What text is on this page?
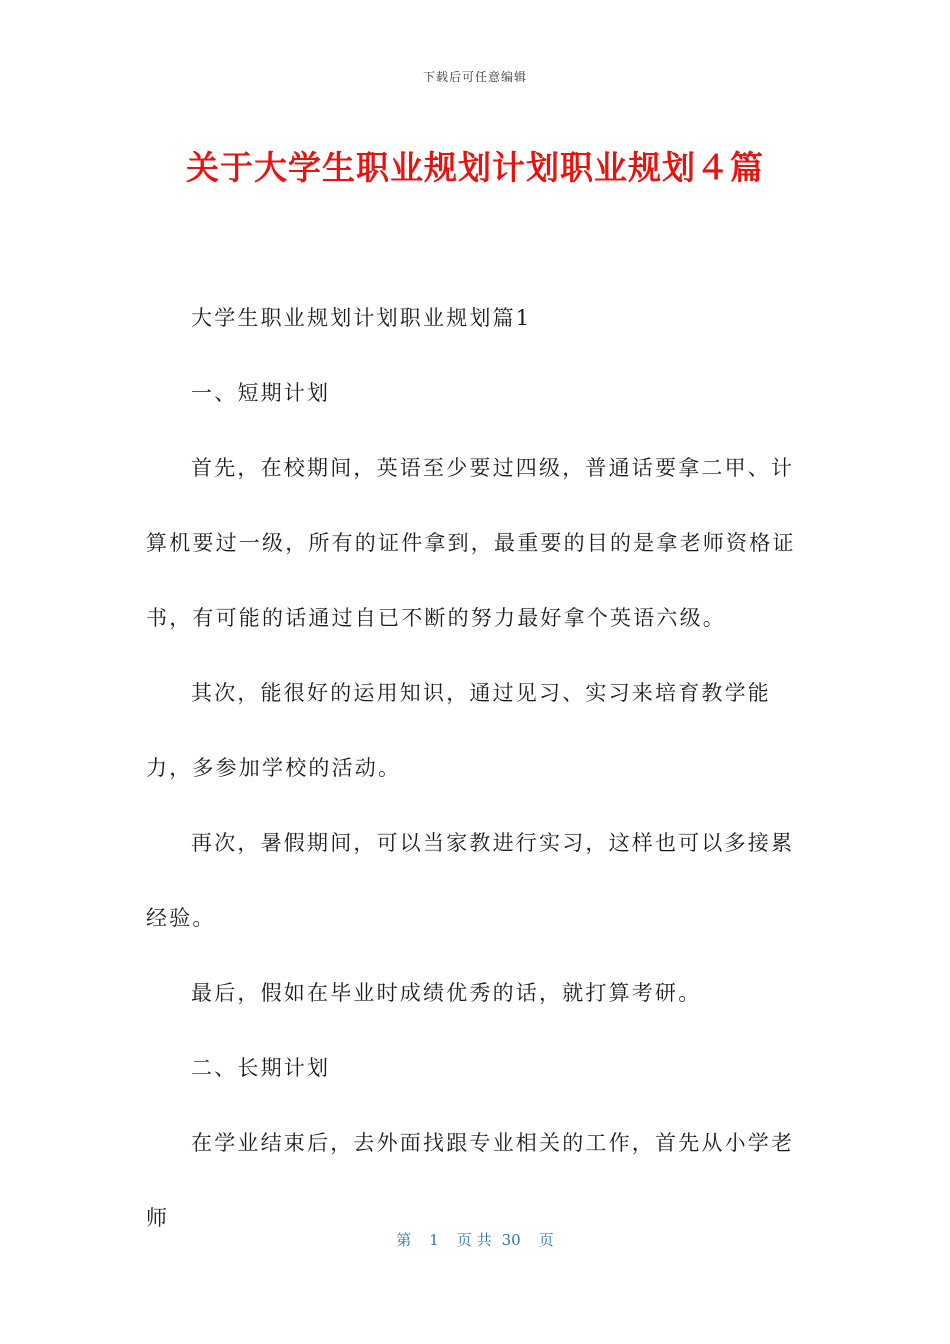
下载后可任意编辑
关于大学生职业规划计划职业规划４篇

大学生职业规划计划职业规划篇1

一、短期计划

首先，在校期间，英语至少要过四级，普通话要拿二甲、计算机要过一级，所有的证件拿到，最重要的目的是拿老师资格证书，有可能的话通过自已不断的努力最好拿个英语六级。

其次，能很好的运用知识，通过见习、实习来培育教学能力，多参加学校的活动。

再次，暑假期间，可以当家教进行实习，这样也可以多接累经验。

最后，假如在毕业时成绩优秀的话，就打算考研。

二、长期计划

在学业结束后，去外面找跟专业相关的工作，首先从小学老师

第 1 页 共 30 页
